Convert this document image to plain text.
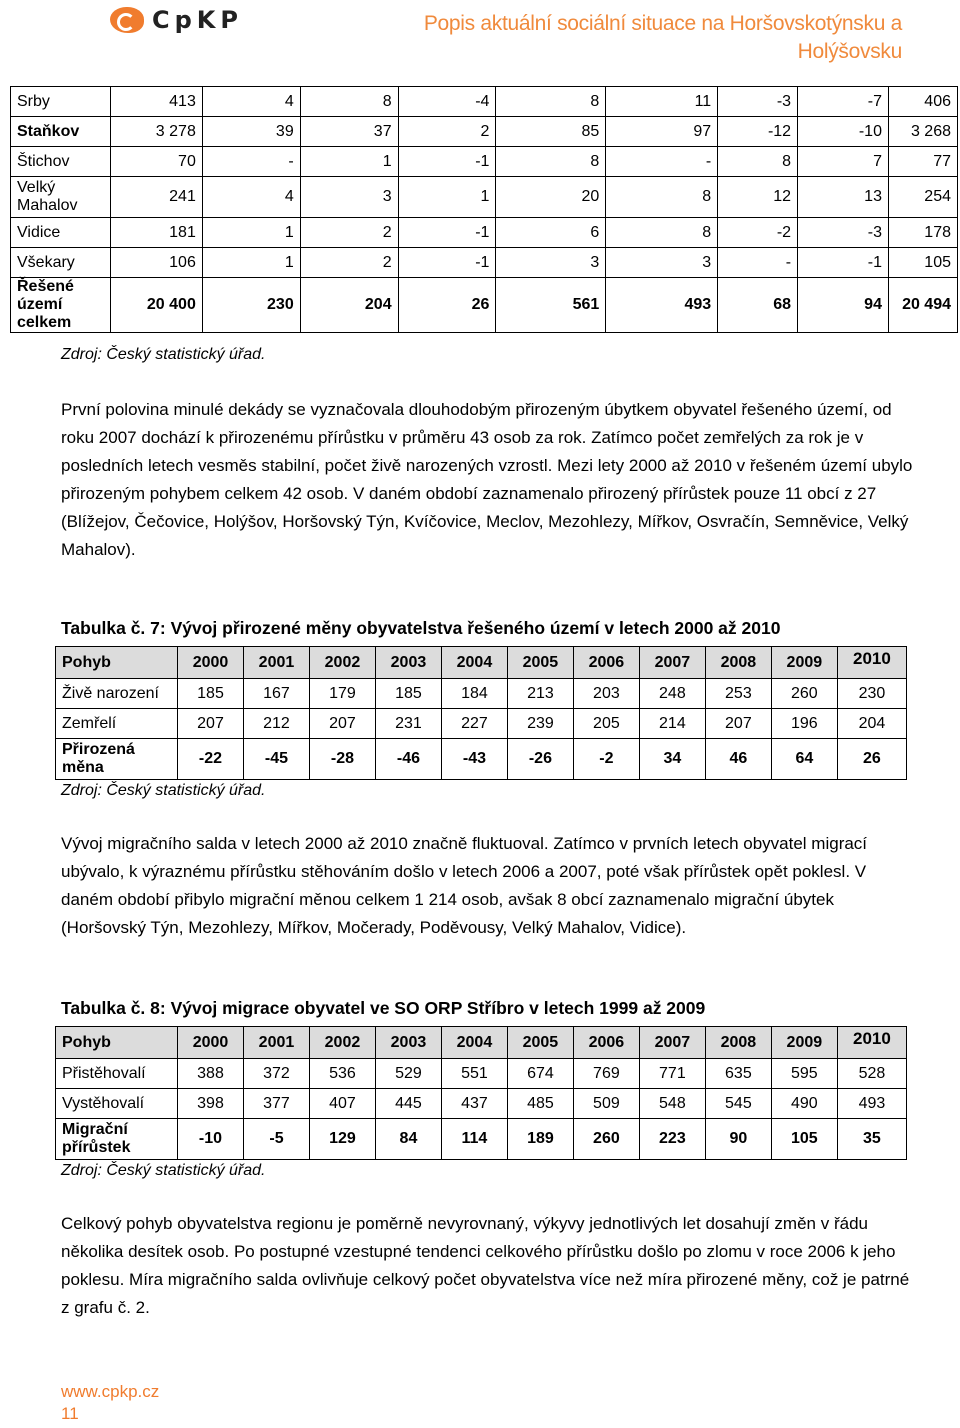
CpKP	Popis aktuální sociální situace na Horšovskotýnsku a Holýšovsku
Srby	413	4	8	-4	8	11	-3	-7	406
Staňkov	3 278	39	37	2	85	97	-12	-10	3 268
Štichov	70	-	1	-1	8	-	8	7	77
Velký Mahalov	241	4	3	1	20	8	12	13	254
Vidice	181	1	2	-1	6	8	-2	-3	178
Všekary	106	1	2	-1	3	3	-	-1	105
Řešené území celkem	20 400	230	204	26	561	493	68	94	20 494
Zdroj: Český statistický úřad.

První polovina minulé dekády se vyznačovala dlouhodobým přirozeným úbytkem obyvatel řešeného území, od roku 2007 dochází k přirozenému přírůstku v průměru 43 osob za rok. Zatímco počet zemřelých za rok je v posledních letech vesměs stabilní, počet živě narozených vzrostl. Mezi lety 2000 až 2010 v řešeném území ubylo přirozeným pohybem celkem 42 osob. V daném období zaznamenalo přirozený přírůstek pouze 11 obcí z 27 (Blížejov, Čečovice, Holýšov, Horšovský Týn, Kvíčovice, Meclov, Mezohlezy, Mířkov, Osvračín, Semněvice, Velký Mahalov).

Tabulka č. 7: Vývoj přirozené měny obyvatelstva řešeného území v letech 2000 až 2010

Pohyb	2000	2001	2002	2003	2004	2005	2006	2007	2008	2009	2010
Živě narození	185	167	179	185	184	213	203	248	253	260	230
Zemřelí	207	212	207	231	227	239	205	214	207	196	204
Přirozená měna	-22	-45	-28	-46	-43	-26	-2	34	46	64	26
Zdroj: Český statistický úřad.

Vývoj migračního salda v letech 2000 až 2010 značně fluktuoval. Zatímco v prvních letech obyvatel migrací ubývalo, k výraznému přírůstku stěhováním došlo v letech 2006 a 2007, poté však přírůstek opět poklesl. V daném období přibylo migrační měnou celkem 1 214 osob, avšak 8 obcí zaznamenalo migrační úbytek (Horšovský Týn, Mezohlezy, Mířkov, Močerady, Poděvousy, Velký Mahalov, Vidice).

Tabulka č. 8: Vývoj migrace obyvatel ve SO ORP Stříbro v letech 1999 až 2009

Pohyb	2000	2001	2002	2003	2004	2005	2006	2007	2008	2009	2010
Přistěhovalí	388	372	536	529	551	674	769	771	635	595	528
Vystěhovalí	398	377	407	445	437	485	509	548	545	490	493
Migrační přírůstek	-10	-5	129	84	114	189	260	223	90	105	35
Zdroj: Český statistický úřad.

Celkový pohyb obyvatelstva regionu je poměrně nevyrovnaný, výkyvy jednotlivých let dosahují změn v řádu několika desítek osob. Po postupné vzestupné tendenci celkového přírůstku došlo po zlomu v roce 2006 k jeho poklesu. Míra migračního salda ovlivňuje celkový počet obyvatelstva více než míra přirozené měny, což je patrné z grafu č. 2.

www.cpkp.cz
11
